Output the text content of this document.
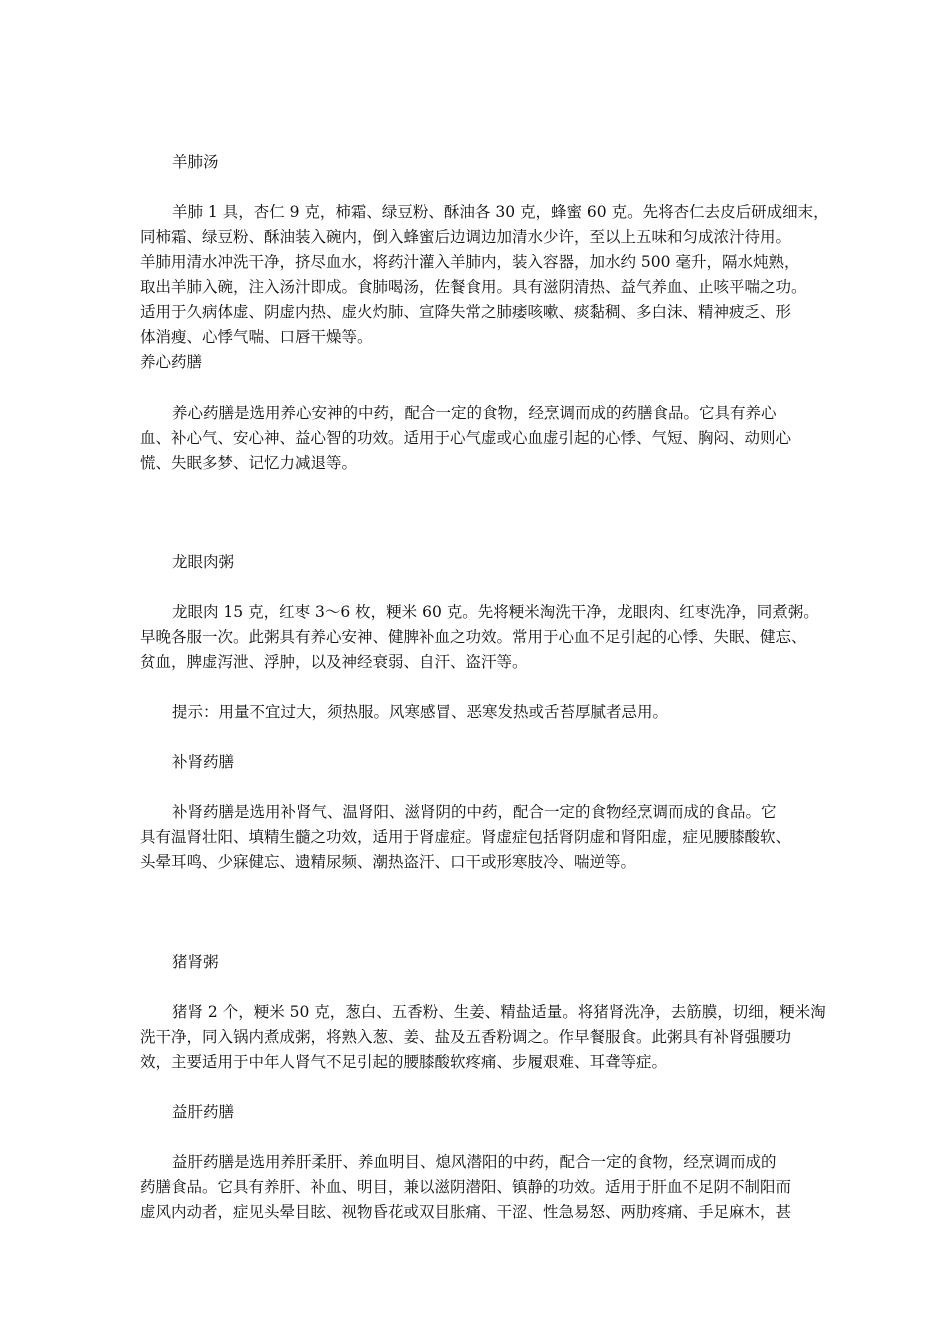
羊肺汤
羊肺 1 具，杏仁 9 克，柿霜、绿豆粉、酥油各 30 克，蜂蜜 60 克。先将杏仁去皮后研成细末，
同柿霜、绿豆粉、酥油装入碗内，倒入蜂蜜后边调边加清水少许，至以上五味和匀成浓汁待用。
羊肺用清水冲洗干净，挤尽血水，将药汁灌入羊肺内，装入容器，加水约 500 毫升，隔水炖熟，
取出羊肺入碗，注入汤汁即成。食肺喝汤，佐餐食用。具有滋阴清热、益气养血、止咳平喘之功。
适用于久病体虚、阴虚内热、虚火灼肺、宣降失常之肺痿咳嗽、痰黏稠、多白沫、精神疲乏、形
体消瘦、心悸气喘、口唇干燥等。
养心药膳
养心药膳是选用养心安神的中药，配合一定的食物，经烹调而成的药膳食品。它具有养心
血、补心气、安心神、益心智的功效。适用于心气虚或心血虚引起的心悸、气短、胸闷、动则心
慌、失眠多梦、记忆力减退等。
龙眼肉粥
龙眼肉 15 克，红枣 3～6 枚，粳米 60 克。先将粳米淘洗干净，龙眼肉、红枣洗净，同煮粥。
早晚各服一次。此粥具有养心安神、健脾补血之功效。常用于心血不足引起的心悸、失眠、健忘、
贫血，脾虚泻泄、浮肿，以及神经衰弱、自汗、盗汗等。
提示：用量不宜过大，须热服。风寒感冒、恶寒发热或舌苔厚腻者忌用。
补肾药膳
补肾药膳是选用补肾气、温肾阳、滋肾阴的中药，配合一定的食物经烹调而成的食品。它
具有温肾壮阳、填精生髓之功效，适用于肾虚症。肾虚症包括肾阴虚和肾阳虚，症见腰膝酸软、
头晕耳鸣、少寐健忘、遗精尿频、潮热盗汗、口干或形寒肢冷、喘逆等。
猪肾粥
猪肾 2 个，粳米 50 克，葱白、五香粉、生姜、精盐适量。将猪肾洗净，去筋膜，切细，粳米淘
洗干净，同入锅内煮成粥，将熟入葱、姜、盐及五香粉调之。作早餐服食。此粥具有补肾强腰功
效，主要适用于中年人肾气不足引起的腰膝酸软疼痛、步履艰难、耳聋等症。
益肝药膳
益肝药膳是选用养肝柔肝、养血明目、熄风潜阳的中药，配合一定的食物，经烹调而成的
药膳食品。它具有养肝、补血、明目，兼以滋阴潜阳、镇静的功效。适用于肝血不足阴不制阳而
虚风内动者，症见头晕目眩、视物昏花或双目胀痛、干涩、性急易怒、两肋疼痛、手足麻木，甚
